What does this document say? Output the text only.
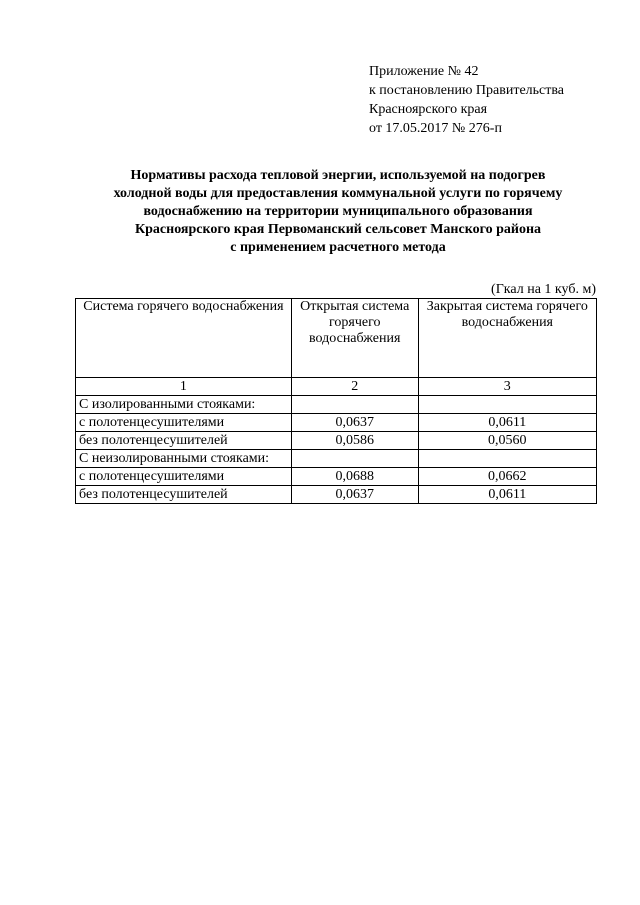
Приложение № 42
к постановлению Правительства
Красноярского края
от 17.05.2017 № 276-п
Нормативы расхода тепловой энергии, используемой на подогрев
холодной воды для предоставления коммунальной услуги по горячему
водоснабжению на территории муниципального образования
Красноярского края Первоманский сельсовет Манского района
с применением расчетного метода
(Гкал на 1 куб. м)
Система горячего водоснабжения	Открытая система горячего водоснабжения	Закрытая система горячего водоснабжения
1	2	3
С изолированными стояками:		
с полотенцесушителями	0,0637	0,0611
без полотенцесушителей	0,0586	0,0560
С неизолированными стояками:		
с полотенцесушителями	0,0688	0,0662
без полотенцесушителей	0,0637	0,0611
